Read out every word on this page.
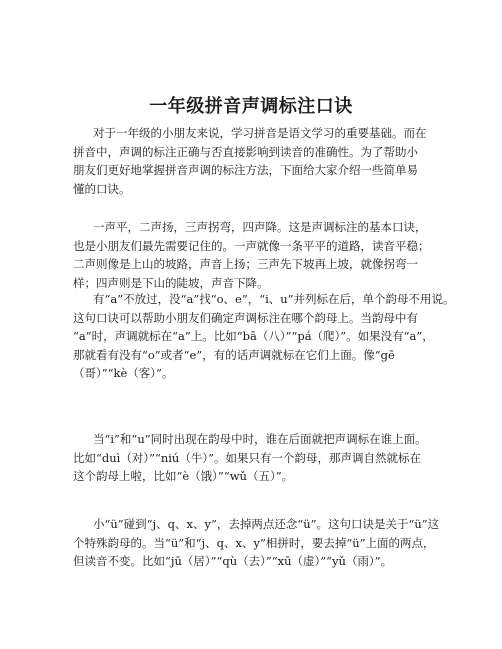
一年级拼音声调标注口诀
对于一年级的小朋友来说，学习拼音是语文学习的重要基础。而在
拼音中，声调的标注正确与否直接影响到读音的准确性。为了帮助小
朋友们更好地掌握拼音声调的标注方法，下面给大家介绍一些简单易
懂的口诀。
一声平，二声扬，三声拐弯，四声降。这是声调标注的基本口诀，
也是小朋友们最先需要记住的。一声就像一条平平的道路，读音平稳；
二声则像是上山的坡路，声音上扬；三声先下坡再上坡，就像拐弯一
样；四声则是下山的陡坡，声音下降。
有“a”不放过，没“a”找“o、e”，“i、u”并列标在后，单个韵母不用说。
这句口诀可以帮助小朋友们确定声调标注在哪个韵母上。当韵母中有
“a”时，声调就标在“a”上。比如“bā（八）”“pá（爬）”。如果没有“a”，
那就看有没有“o”或者“e”，有的话声调就标在它们上面。像“gē
（哥）”“kè（客）”。
当“i”和“u”同时出现在韵母中时，谁在后面就把声调标在谁上面。
比如“duì（对）”“niú（牛）”。如果只有一个韵母，那声调自然就标在
这个韵母上啦，比如“è（饿）”“wǔ（五）”。
小“ü”碰到“j、q、x、y”，去掉两点还念“ü”。这句口诀是关于“ü”这
个特殊韵母的。当“ü”和“j、q、x、y”相拼时，要去掉“ü”上面的两点，
但读音不变。比如“jū（居）”“qù（去）”“xū（虚）”“yǔ（雨）”。
